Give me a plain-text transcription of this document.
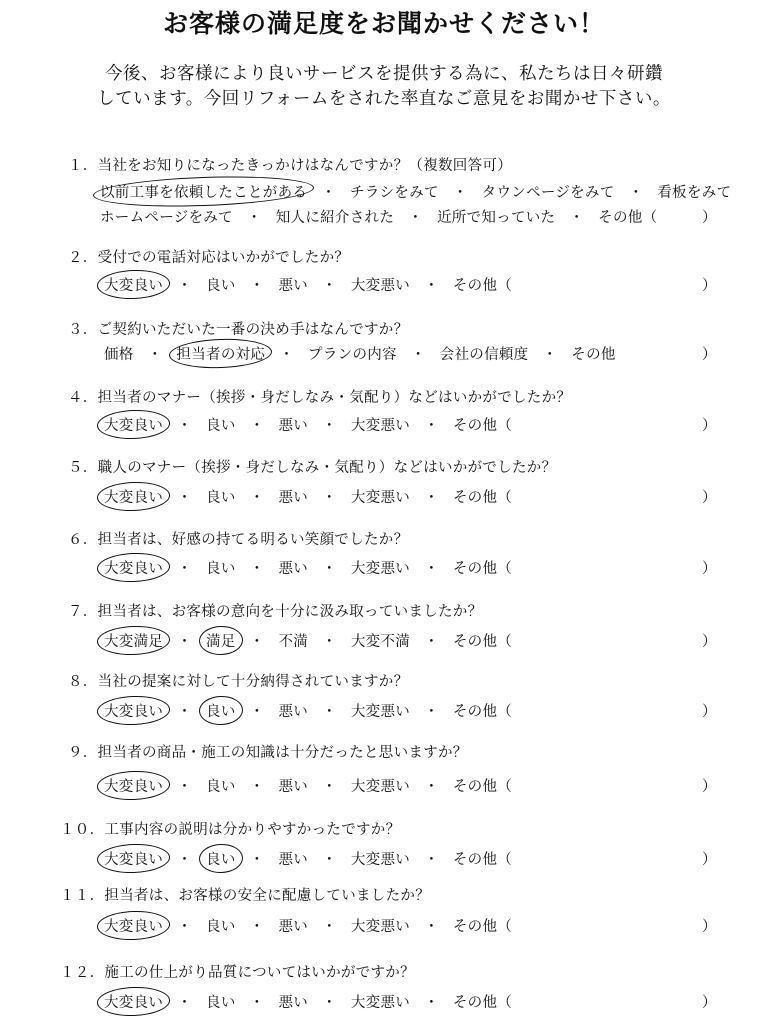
お客様の満足度をお聞かせください！
今後、お客様により良いサービスを提供する為に、私たちは日々研鑽
しています。今回リフォームをされた率直なご意見をお聞かせ下さい。
１．当社をお知りになったきっかけはなんですか？（複数回答可）
以前工事を依頼したことがある ・ チラシをみて ・ タウンページをみて ・ 看板をみて
ホームページをみて ・ 知人に紹介された ・ 近所で知っていた ・ その他（	）
２．受付での電話対応はいかがでしたか？
大変良い ・ 良い ・ 悪い ・ 大変悪い ・ その他（	）
３．ご契約いただいた一番の決め手はなんですか？
価格 ・ 担当者の対応 ・ プランの内容 ・ 会社の信頼度 ・ その他	）
４．担当者のマナー（挨拶・身だしなみ・気配り）などはいかがでしたか？
大変良い ・ 良い ・ 悪い ・ 大変悪い ・ その他（	）
５．職人のマナー（挨拶・身だしなみ・気配り）などはいかがでしたか？
大変良い ・ 良い ・ 悪い ・ 大変悪い ・ その他（	）
６．担当者は、好感の持てる明るい笑顔でしたか？
大変良い ・ 良い ・ 悪い ・ 大変悪い ・ その他（	）
７．担当者は、お客様の意向を十分に汲み取っていましたか？
大変満足 ・ 満足 ・ 不満 ・ 大変不満 ・ その他（	）
８．当社の提案に対して十分納得されていますか？
大変良い ・ 良い ・ 悪い ・ 大変悪い ・ その他（	）
９．担当者の商品・施工の知識は十分だったと思いますか？
大変良い ・ 良い ・ 悪い ・ 大変悪い ・ その他（	）
１０．工事内容の説明は分かりやすかったですか？
大変良い ・ 良い ・ 悪い ・ 大変悪い ・ その他（	）
１１．担当者は、お客様の安全に配慮していましたか？
大変良い ・ 良い ・ 悪い ・ 大変悪い ・ その他（	）
１２．施工の仕上がり品質についてはいかがですか？
大変良い ・ 良い ・ 悪い ・ 大変悪い ・ その他（	）
